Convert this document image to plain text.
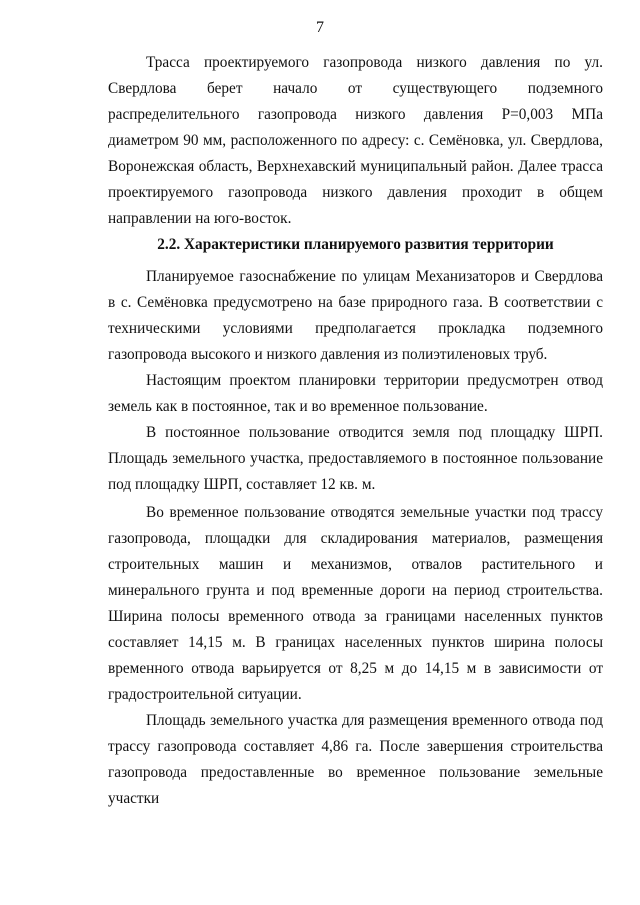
7

Трасса проектируемого газопровода низкого давления по ул. Свердлова берет начало от существующего подземного распределительного газопровода низкого давления P=0,003 МПа диаметром 90 мм, расположенного по адресу: с. Семёновка, ул. Свердлова, Воронежская область, Верхнехавский муниципальный район. Далее трасса проектируемого газопровода низкого давления проходит в общем направлении на юго-восток.

2.2. Характеристики планируемого развития территории

Планируемое газоснабжение по улицам Механизаторов и Свердлова в с. Семёновка предусмотрено на базе природного газа. В соответствии с техническими условиями предполагается прокладка подземного газопровода высокого и низкого давления из полиэтиленовых труб.

Настоящим проектом планировки территории предусмотрен отвод земель как в постоянное, так и во временное пользование.

В постоянное пользование отводится земля под площадку ШРП. Площадь земельного участка, предоставляемого в постоянное пользование под площадку ШРП, составляет 12 кв. м.

Во временное пользование отводятся земельные участки под трассу газопровода, площадки для складирования материалов, размещения строительных машин и механизмов, отвалов растительного и минерального грунта и под временные дороги на период строительства. Ширина полосы временного отвода за границами населенных пунктов составляет 14,15 м. В границах населенных пунктов ширина полосы временного отвода варьируется от 8,25 м до 14,15 м в зависимости от градостроительной ситуации.

Площадь земельного участка для размещения временного отвода под трассу газопровода составляет 4,86 га. После завершения строительства газопровода предоставленные во временное пользование земельные участки
